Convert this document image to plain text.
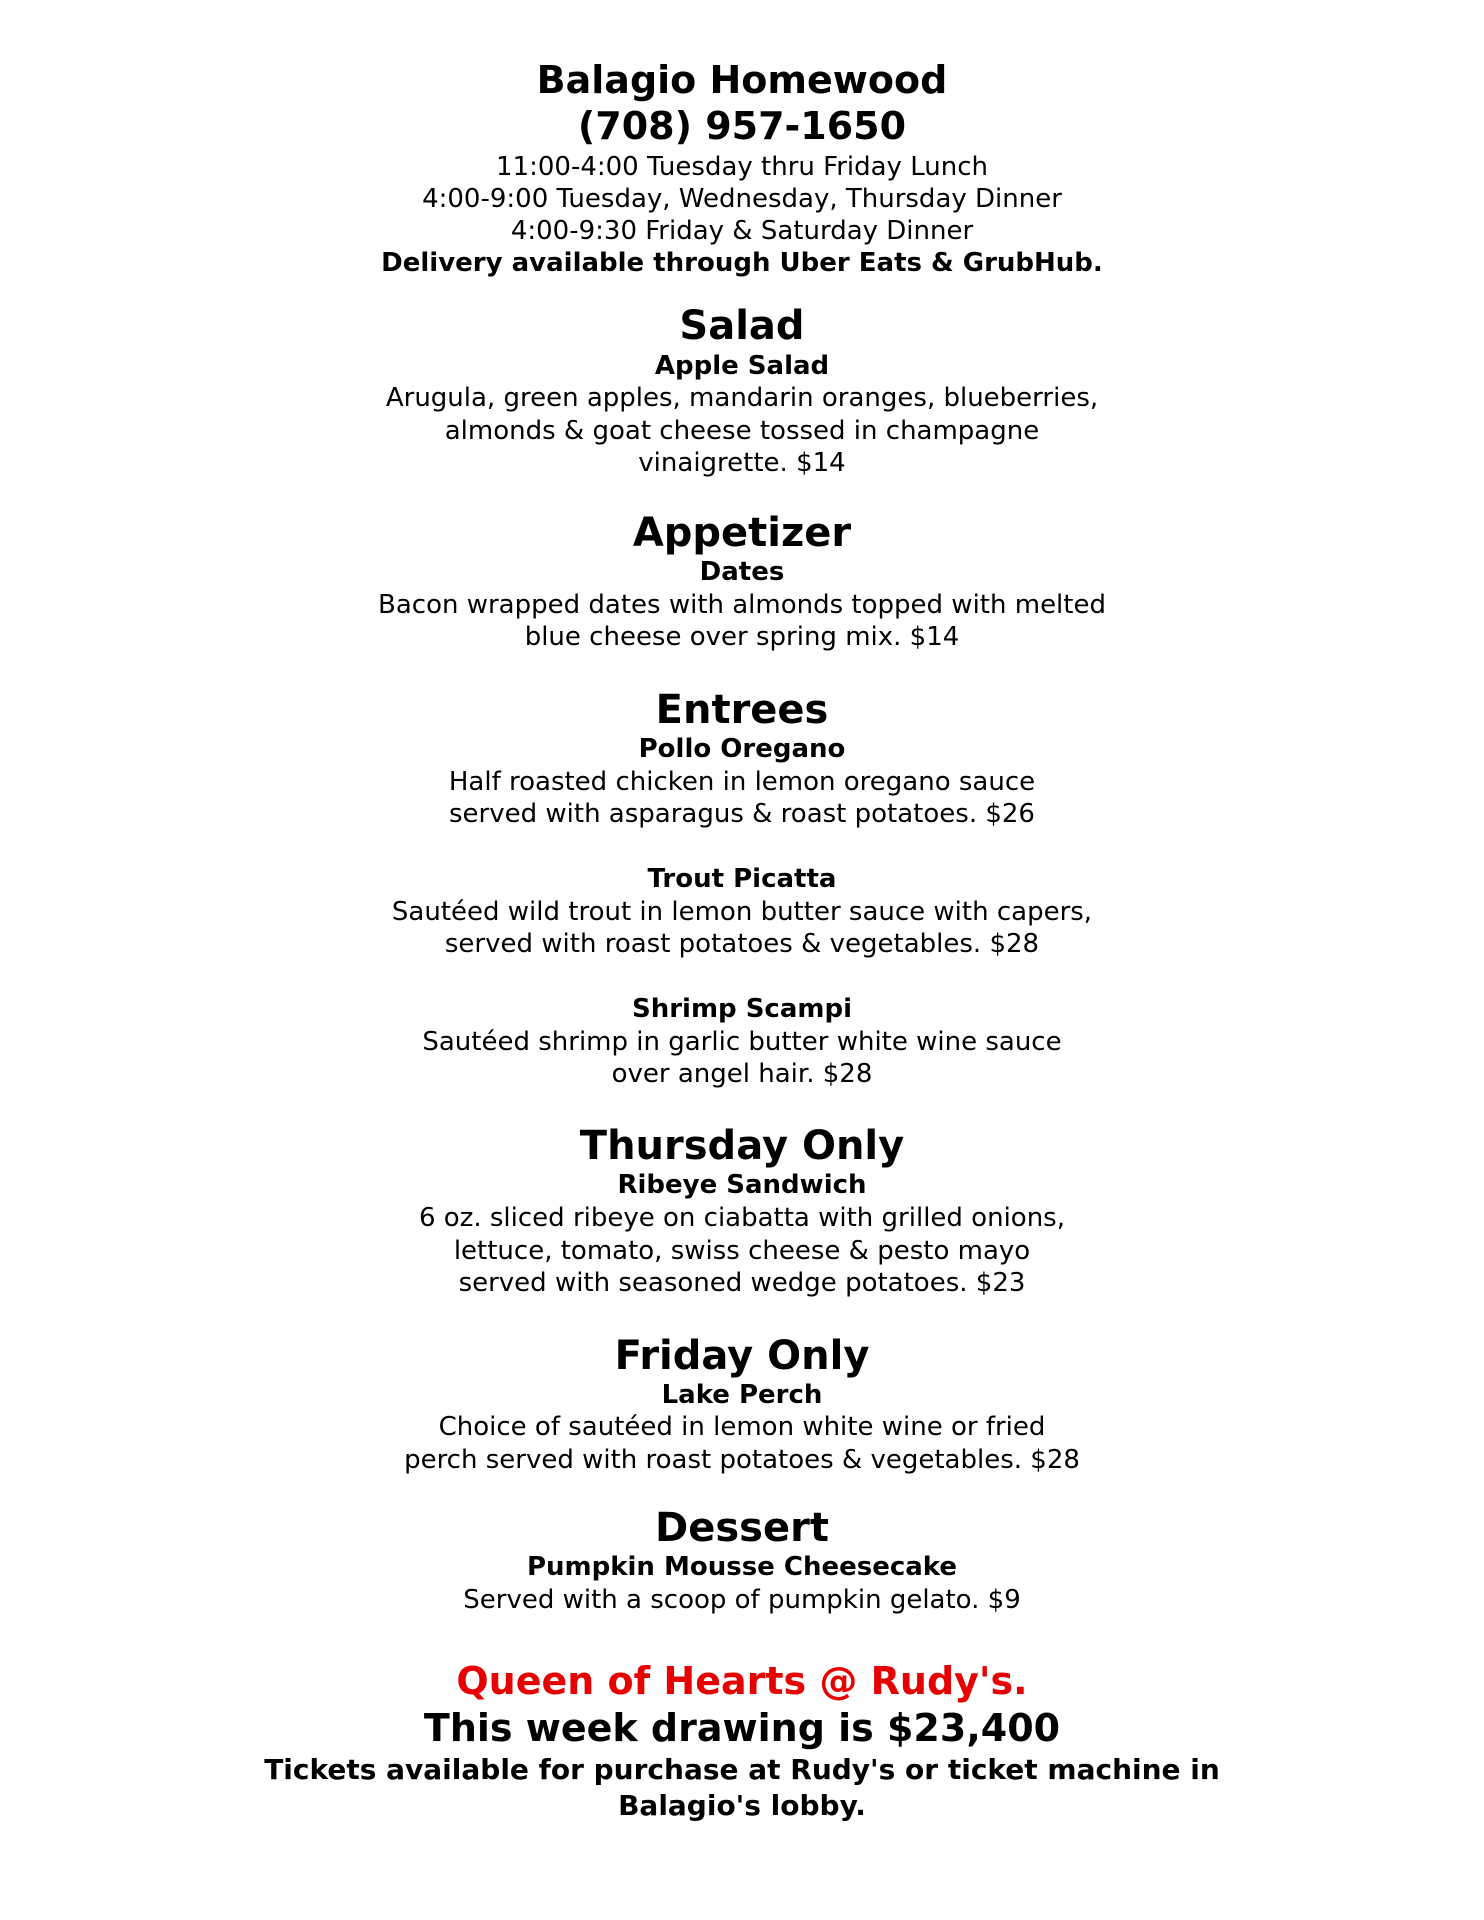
Balagio Homewood
(708) 957-1650
11:00-4:00 Tuesday thru Friday Lunch
4:00-9:00 Tuesday, Wednesday, Thursday Dinner
4:00-9:30 Friday & Saturday Dinner
Delivery available through Uber Eats & GrubHub.
Salad
Apple Salad
Arugula, green apples, mandarin oranges, blueberries,
almonds & goat cheese tossed in champagne
vinaigrette. $14
Appetizer
Dates
Bacon wrapped dates with almonds topped with melted
blue cheese over spring mix. $14
Entrees
Pollo Oregano
Half roasted chicken in lemon oregano sauce
served with asparagus & roast potatoes. $26
Trout Picatta
Sautéed wild trout in lemon butter sauce with capers,
served with roast potatoes & vegetables. $28
Shrimp Scampi
Sautéed shrimp in garlic butter white wine sauce
over angel hair. $28
Thursday Only
Ribeye Sandwich
6 oz. sliced ribeye on ciabatta with grilled onions,
lettuce, tomato, swiss cheese & pesto mayo
served with seasoned wedge potatoes. $23
Friday Only
Lake Perch
Choice of sautéed in lemon white wine or fried
perch served with roast potatoes & vegetables. $28
Dessert
Pumpkin Mousse Cheesecake
Served with a scoop of pumpkin gelato. $9
Queen of Hearts @ Rudy's.
This week drawing is $23,400
Tickets available for purchase at Rudy's or ticket machine in
Balagio's lobby.
